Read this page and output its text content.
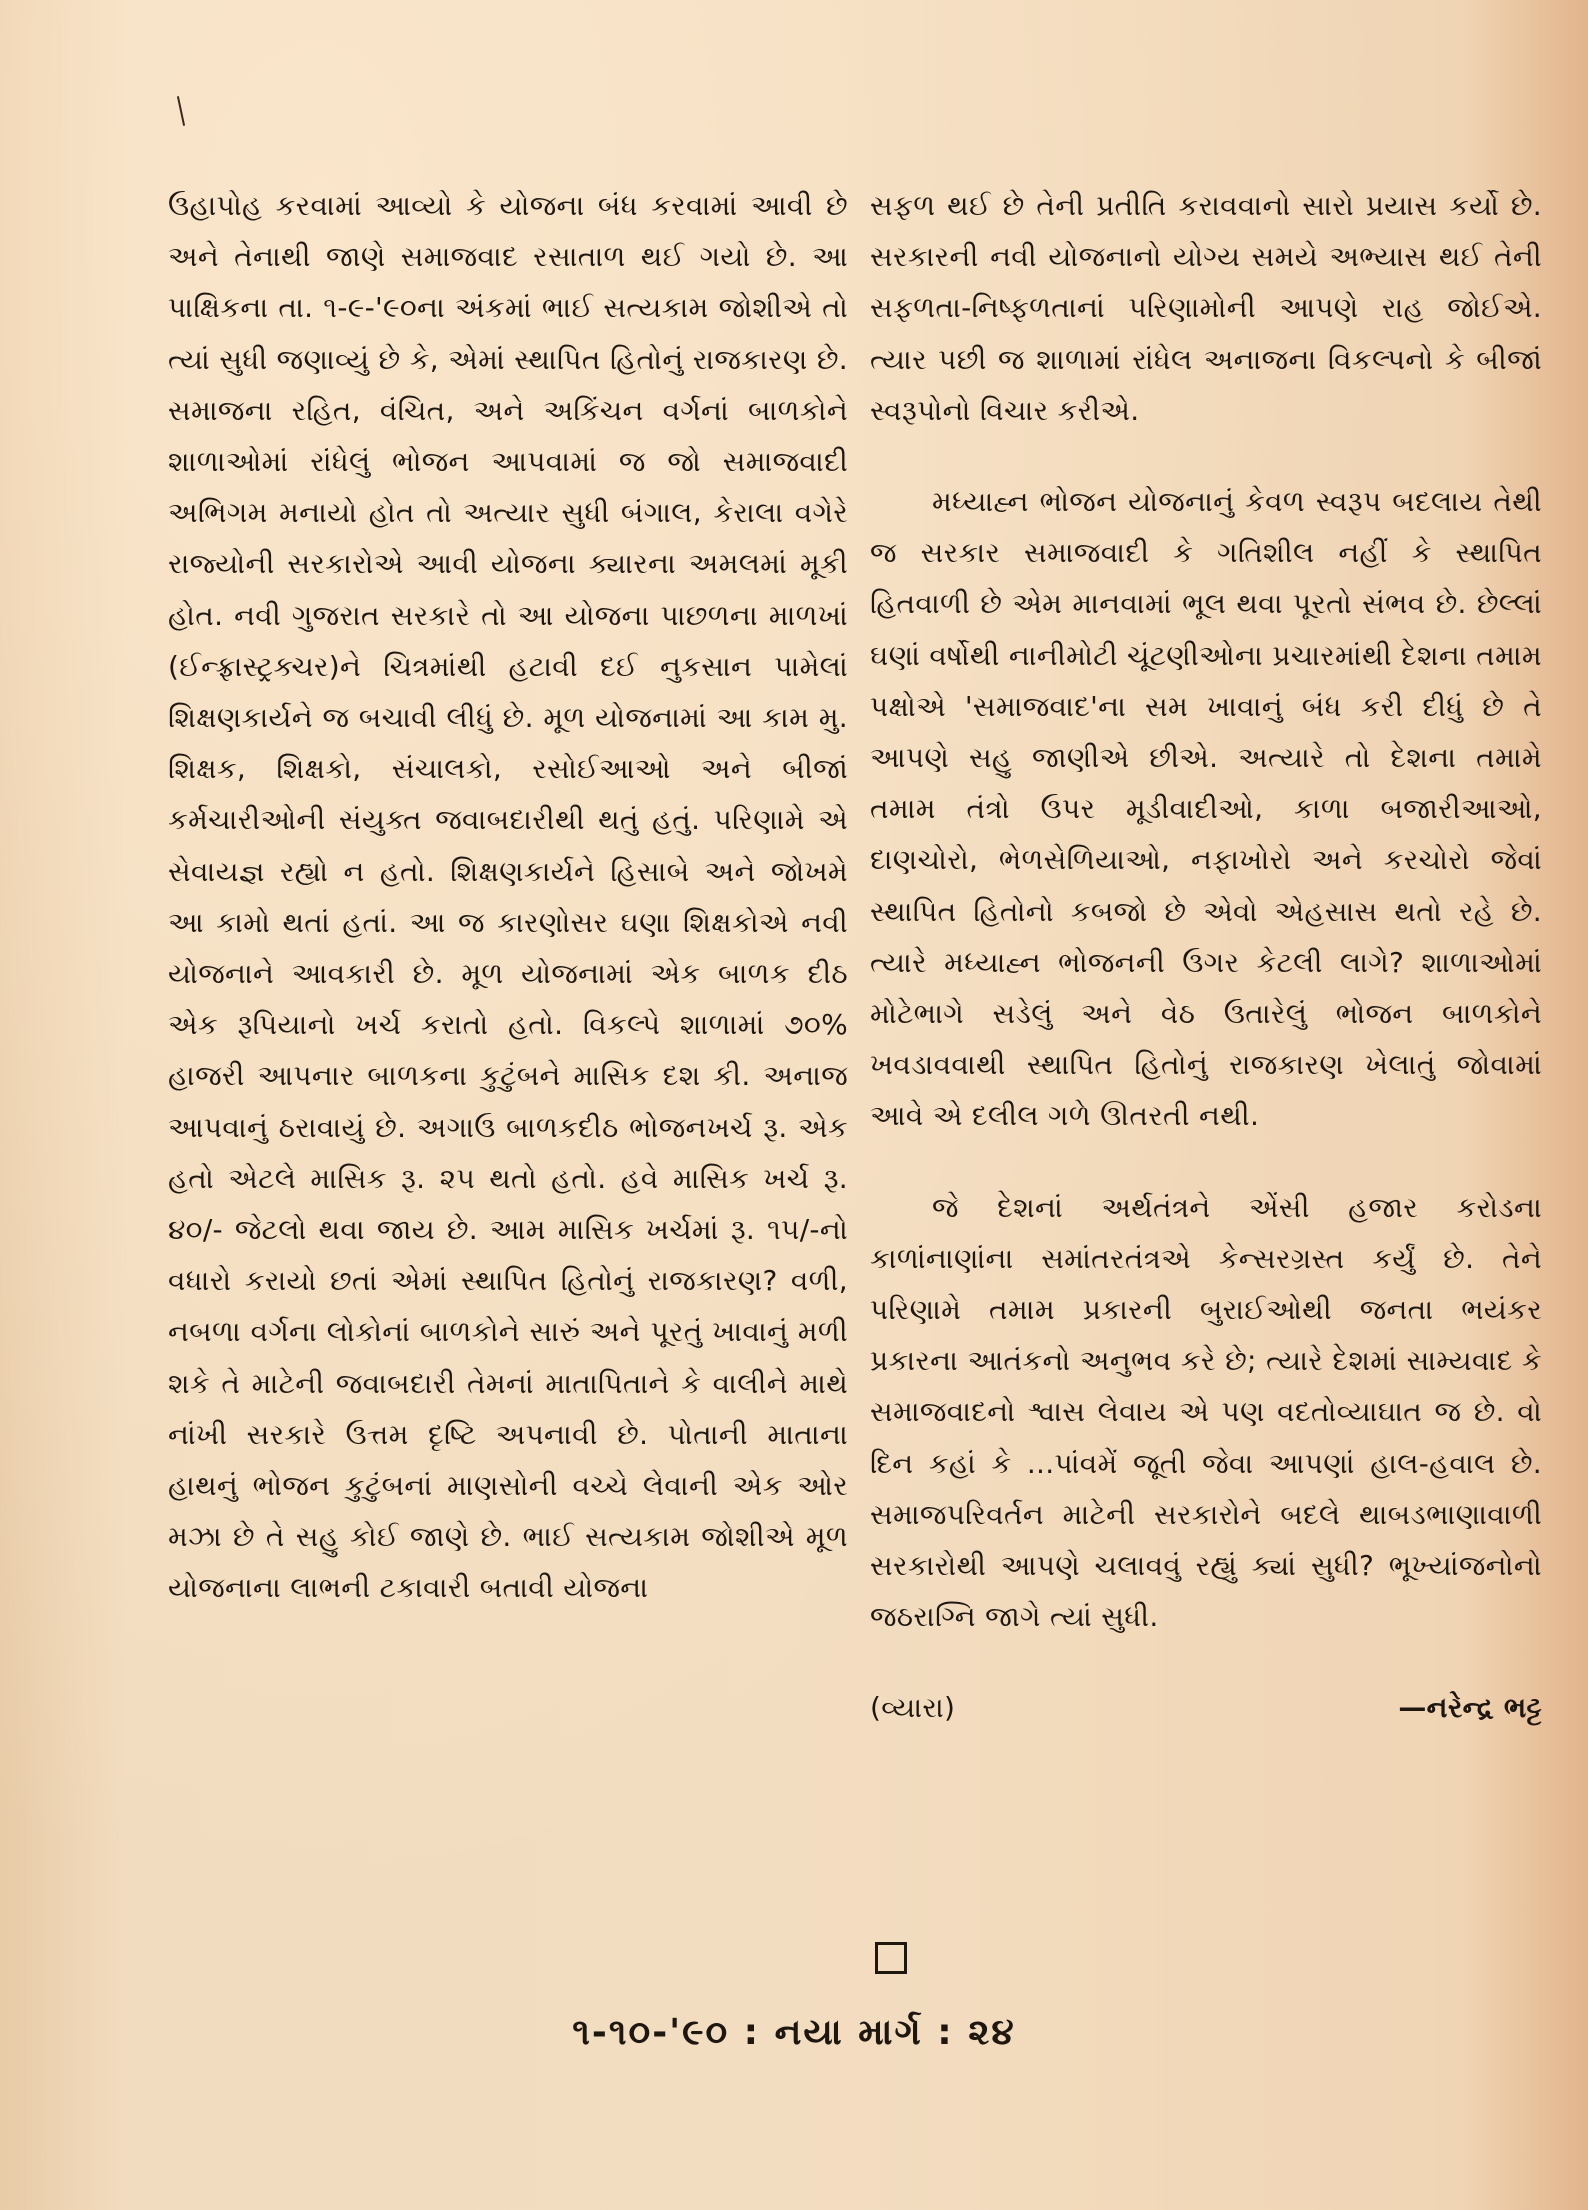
ઉહાપોહ કરવામાં આવ્યો કે યોજના બંધ કરવામાં આવી છે અને તેનાથી જાણે સમાજવાદ રસાતાળ થઈ ગયો છે. આ પાક્ષિકના તા. ૧-૯-'૯૦ના અંકમાં ભાઈ સત્યકામ જોશીએ તો ત્યાં સુધી જણાવ્યું છે કે, એમાં સ્થાપિત હિતોનું રાજકારણ છે. સમાજના રહિત, વંચિત, અને અકિંચન વર્ગનાં બાળકોને શાળાઓમાં રાંધેલું ભોજન આપવામાં જ જો સમાજવાદી અભિગમ મનાયો હોત તો અત્યાર સુધી બંગાલ, કેરાલા વગેરે રાજ્યોની સરકારોએ આવી યોજના ક્યારના અમલમાં મૂકી હોત. નવી ગુજરાત સરકારે તો આ યોજના પાછળના માળખાં (ઈન્ફ્રાસ્ટ્રક્ચર)ને ચિત્રમાંથી હટાવી દઈ નુકસાન પામેલાં શિક્ષણકાર્યને જ બચાવી લીધું છે. મૂળ યોજનામાં આ કામ મુ. શિક્ષક, શિક્ષકો, સંચાલકો, રસોઈઆઓ અને બીજાં કર્મચારીઓની સંયુક્ત જવાબદારીથી થતું હતું. પરિણામે એ સેવાયજ્ઞ રહ્યો ન હતો. શિક્ષણકાર્યને હિસાબે અને જોખમે આ કામો થતાં હતાં. આ જ કારણોસર ઘણા શિક્ષકોએ નવી યોજનાને આવકારી છે. મૂળ યોજનામાં એક બાળક દીઠ એક રૂપિયાનો ખર્ચ કરાતો હતો. વિકલ્પે શાળામાં ૭૦% હાજરી આપનાર બાળકના કુટુંબને માસિક દશ કી. અનાજ આપવાનું ઠરાવાયું છે. અગાઉ બાળકદીઠ ભોજનખર્ચ રૂ. એક હતો એટલે માસિક રૂ. ૨૫ થતો હતો. હવે માસિક ખર્ચ રૂ. ૪૦/- જેટલો થવા જાય છે. આમ માસિક ખર્ચમાં રૂ. ૧૫/-નો વધારો કરાયો છતાં એમાં સ્થાપિત હિતોનું રાજકારણ? વળી, નબળા વર્ગના લોકોનાં બાળકોને સારું અને પૂરતું ખાવાનું મળી શકે તે માટેની જવાબદારી તેમનાં માતાપિતાને કે વાલીને માથે નાંખી સરકારે ઉત્તમ દૃષ્ટિ અપનાવી છે. પોતાની માતાના હાથનું ભોજન કુટુંબનાં માણસોની વચ્ચે લેવાની એક ઓર મઝા છે તે સહુ કોઈ જાણે છે. ભાઈ સત્યકામ જોશીએ મૂળ યોજનાના લાભની ટકાવારી બતાવી યોજના

સફળ થઈ છે તેની પ્રતીતિ કરાવવાનો સારો પ્રયાસ કર્યો છે. સરકારની નવી યોજનાનો યોગ્ય સમયે અભ્યાસ થઈ તેની સફળતા-નિષ્ફળતાનાં પરિણામોની આપણે રાહ જોઈએ. ત્યાર પછી જ શાળામાં રાંધેલ અનાજના વિકલ્પનો કે બીજાં સ્વરૂપોનો વિચાર કરીએ.

મધ્યાહ્ન ભોજન યોજનાનું કેવળ સ્વરૂપ બદલાય તેથી જ સરકાર સમાજવાદી કે ગતિશીલ નહીં કે સ્થાપિત હિતવાળી છે એમ માનવામાં ભૂલ થવા પૂરતો સંભવ છે. છેલ્લાં ઘણાં વર્ષોથી નાનીમોટી ચૂંટણીઓના પ્રચારમાંથી દેશના તમામ પક્ષોએ 'સમાજવાદ'ના સમ ખાવાનું બંધ કરી દીધું છે તે આપણે સહુ જાણીએ છીએ. અત્યારે તો દેશના તમામે તમામ તંત્રો ઉપર મૂડીવાદીઓ, કાળા બજારીઆઓ, દાણચોરો, ભેળસેળિયાઓ, નફાખોરો અને કરચોરો જેવાં સ્થાપિત હિતોનો કબજો છે એવો એહસાસ થતો રહે છે. ત્યારે મધ્યાહ્ન ભોજનની ઉગર કેટલી લાગે? શાળાઓમાં મોટેભાગે સડેલું અને વેઠ ઉતારેલું ભોજન બાળકોને ખવડાવવાથી સ્થાપિત હિતોનું રાજકારણ ખેલાતું જોવામાં આવે એ દલીલ ગળે ઊતરતી નથી.

જે દેશનાં અર્થતંત્રને એંસી હજાર કરોડના કાળાંનાણાંના સમાંતરતંત્રએ કેન્સરગ્રસ્ત કર્યું છે. તેને પરિણામે તમામ પ્રકારની બુરાઈઓથી જનતા ભયંકર પ્રકારના આતંકનો અનુભવ કરે છે; ત્યારે દેશમાં સામ્યવાદ કે સમાજવાદનો શ્વાસ લેવાય એ પણ વદતોવ્યાઘાત જ છે. વો દિન કહાં કે ...પાંવમેં જૂતી જેવા આપણાં હાલ-હવાલ છે. સમાજપરિવર્તન માટેની સરકારોને બદલે થાબડભાણાવાળી સરકારોથી આપણે ચલાવવું રહ્યું ક્યાં સુધી? ભૂખ્યાંજનોનો જઠરાગ્નિ જાગે ત્યાં સુધી.

(વ્યારા)	—નરેન્દ્ર ભટ્ટ
૧-૧૦-'૯૦ : નયા માર્ગ : ૨૪
